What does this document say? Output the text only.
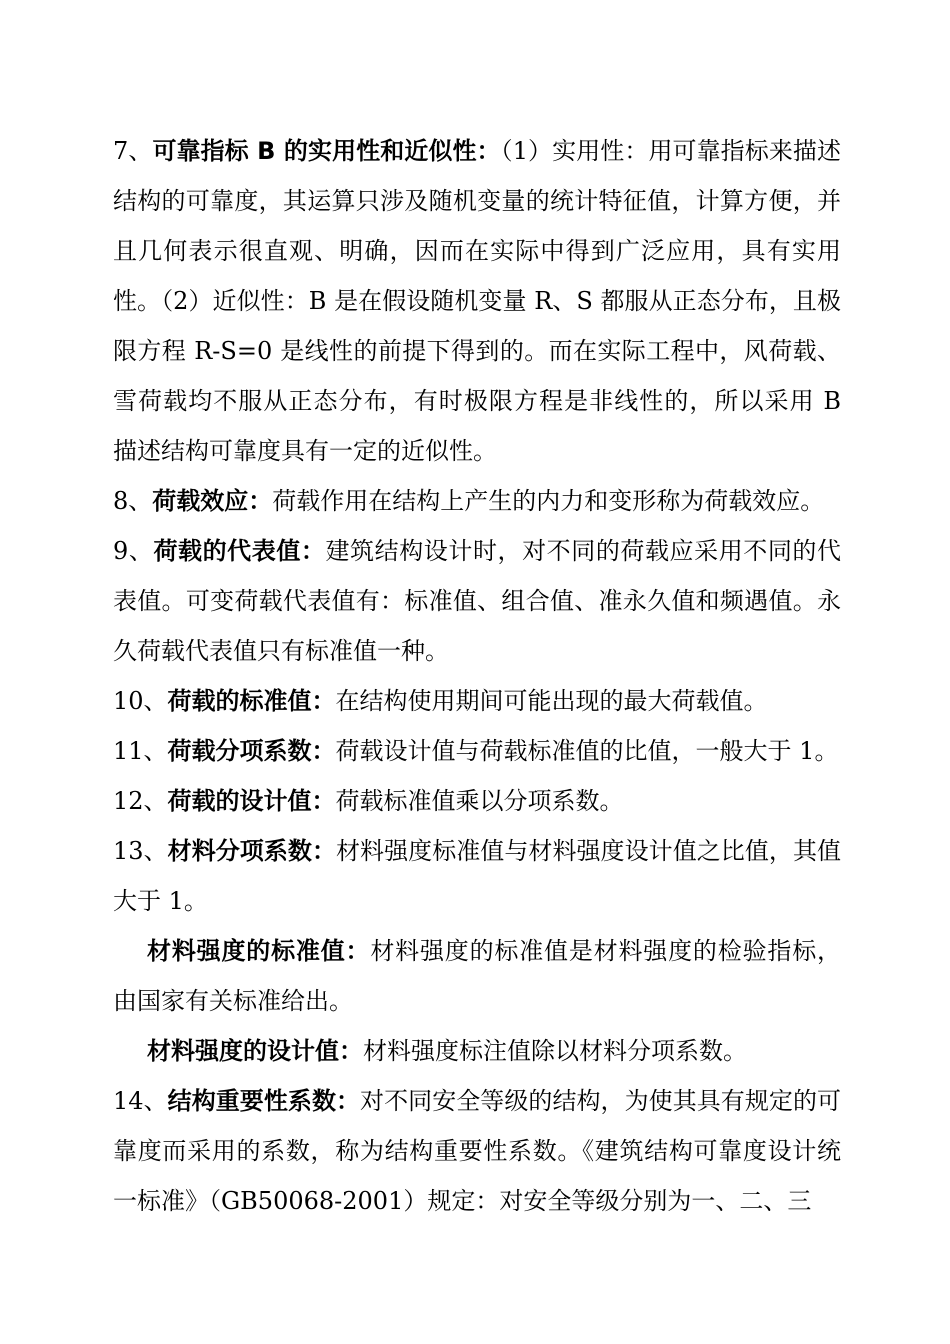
7、可靠指标 B 的实用性和近似性：（1）实用性：用可靠指标来描述结构的可靠度，其运算只涉及随机变量的统计特征值，计算方便，并且几何表示很直观、明确，因而在实际中得到广泛应用，具有实用性。（2）近似性：B 是在假设随机变量 R、S 都服从正态分布，且极限方程 R-S=0 是线性的前提下得到的。而在实际工程中，风荷载、雪荷载均不服从正态分布，有时极限方程是非线性的，所以采用 B 描述结构可靠度具有一定的近似性。

8、荷载效应：荷载作用在结构上产生的内力和变形称为荷载效应。

9、荷载的代表值：建筑结构设计时，对不同的荷载应采用不同的代表值。可变荷载代表值有：标准值、组合值、准永久值和频遇值。永久荷载代表值只有标准值一种。

10、荷载的标准值：在结构使用期间可能出现的最大荷载值。

11、荷载分项系数：荷载设计值与荷载标准值的比值，一般大于 1。

12、荷载的设计值：荷载标准值乘以分项系数。

13、材料分项系数：材料强度标准值与材料强度设计值之比值，其值大于 1。

材料强度的标准值：材料强度的标准值是材料强度的检验指标，由国家有关标准给出。

材料强度的设计值：材料强度标注值除以材料分项系数。

14、结构重要性系数：对不同安全等级的结构，为使其具有规定的可靠度而采用的系数，称为结构重要性系数。《建筑结构可靠度设计统一标准》（GB50068-2001）规定：对安全等级分别为一、二、三
